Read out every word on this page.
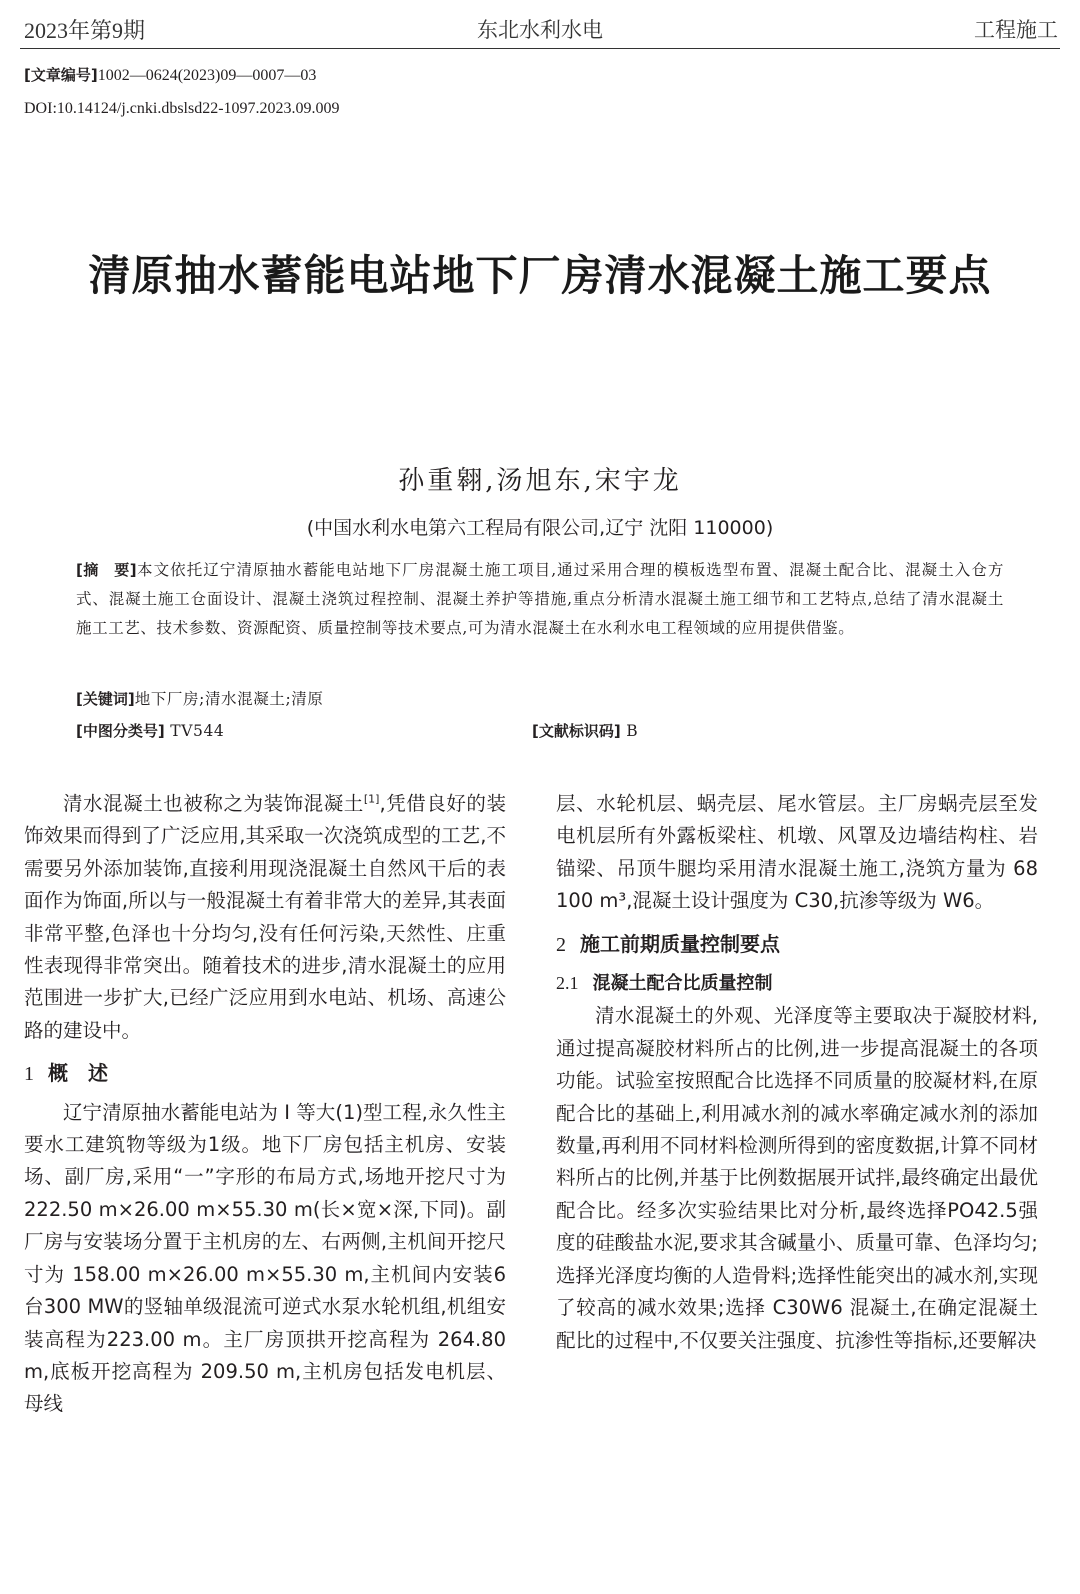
2023年第9期	东北水利水电	工程施工
[文章编号]1002—0624(2023)09—0007—03
DOI:10.14124/j.cnki.dbslsd22-1097.2023.09.009
清原抽水蓄能电站地下厂房清水混凝土施工要点
孙重翱,汤旭东,宋宇龙
(中国水利水电第六工程局有限公司,辽宁 沈阳 110000)
[摘　要]本文依托辽宁清原抽水蓄能电站地下厂房混凝土施工项目,通过采用合理的模板选型布置、混凝土配合比、混凝土入仓方式、混凝土施工仓面设计、混凝土浇筑过程控制、混凝土养护等措施,重点分析清水混凝土施工细节和工艺特点,总结了清水混凝土施工工艺、技术参数、资源配资、质量控制等技术要点,可为清水混凝土在水利水电工程领域的应用提供借鉴。
[关键词]地下厂房;清水混凝土;清原
[中图分类号] TV544	[文献标识码] B

清水混凝土也被称之为装饰混凝土[1],凭借良好的装饰效果而得到了广泛应用,其采取一次浇筑成型的工艺,不需要另外添加装饰,直接利用现浇混凝土自然风干后的表面作为饰面,所以与一般混凝土有着非常大的差异,其表面非常平整,色泽也十分均匀,没有任何污染,天然性、庄重性表现得非常突出。随着技术的进步,清水混凝土的应用范围进一步扩大,已经广泛应用到水电站、机场、高速公路的建设中。

1 概　述

辽宁清原抽水蓄能电站为 Ⅰ 等大(1)型工程,永久性主要水工建筑物等级为1级。地下厂房包括主机房、安装场、副厂房,采用“一”字形的布局方式,场地开挖尺寸为222.50 m×26.00 m×55.30 m(长×宽×深,下同)。副厂房与安装场分置于主机房的左、右两侧,主机间开挖尺寸为 158.00 m×26.00 m×55.30 m,主机间内安装6台300 MW的竖轴单级混流可逆式水泵水轮机组,机组安装高程为223.00 m。主厂房顶拱开挖高程为 264.80 m,底板开挖高程为 209.50 m,主机房包括发电机层、母线

层、水轮机层、蜗壳层、尾水管层。主厂房蜗壳层至发电机层所有外露板梁柱、机墩、风罩及边墙结构柱、岩锚梁、吊顶牛腿均采用清水混凝土施工,浇筑方量为 68 100 m³,混凝土设计强度为 C30,抗渗等级为 W6。

2 施工前期质量控制要点
2.1 混凝土配合比质量控制

清水混凝土的外观、光泽度等主要取决于凝胶材料,通过提高凝胶材料所占的比例,进一步提高混凝土的各项功能。试验室按照配合比选择不同质量的胶凝材料,在原配合比的基础上,利用减水剂的减水率确定减水剂的添加数量,再利用不同材料检测所得到的密度数据,计算不同材料所占的比例,并基于比例数据展开试拌,最终确定出最优配合比。经多次实验结果比对分析,最终选择PO42.5强度的硅酸盐水泥,要求其含碱量小、质量可靠、色泽均匀;选择光泽度均衡的人造骨料;选择性能突出的减水剂,实现了较高的减水效果;选择 C30W6 混凝土,在确定混凝土配比的过程中,不仅要关注强度、抗渗性等指标,还要解决
